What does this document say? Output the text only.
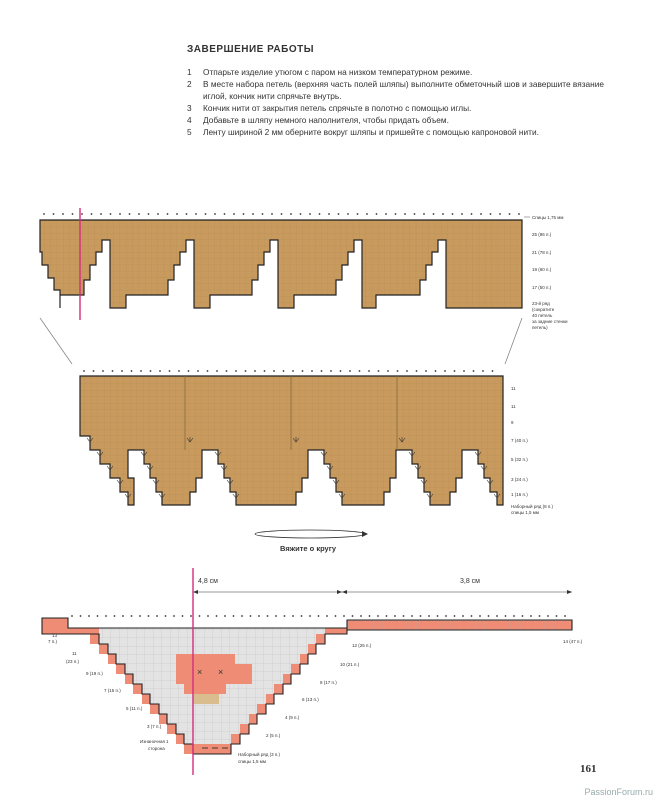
ЗАВЕРШЕНИЕ РАБОТЫ
1 Отпарьте изделие утюгом с паром на низком температурном режиме.
2 В месте набора петель (верхняя часть полей шляпы) выполните обметочный шов и завершите вязание иглой, кончик нити спрячьте внутрь.
3 Кончик нити от закрытия петель спрячьте в полотно с помощью иглы.
4 Добавьте в шляпу немного наполнителя, чтобы придать объем.
5 Ленту шириной 2 мм оберните вокруг шляпы и пришейте с помощью капроновой нити.
Спицы 1,75 мм
25 (96 п.)
21 (78 п.)
19 (60 п.)
17 (50 п.)
23-й ряд
(сократите
40 петель
за задние стенки
петель)
11
11
9
7 (40 п.)
5 (32 п.)
3 (24 п.)
1 (16 п.)
Наборный ряд (8 п.)
спицы 1,5 мм
Вяжите о кругу
4,8 см	3,8 см
× ×
13
7 п.)
11
(23 п.)
9 (19 п.)
7 (15 п.)
5 (11 п.)
3 (7 п.)
Изнаночная
сторона
1
12 (25 п.)
10 (21 п.)
8 (17 п.)
6 (13 п.)
4 (9 п.)
2 (5 п.)
Наборный ряд (3 п.)
спицы 1,5 мм
14 (47 п.)
161
PassionForum.ru
